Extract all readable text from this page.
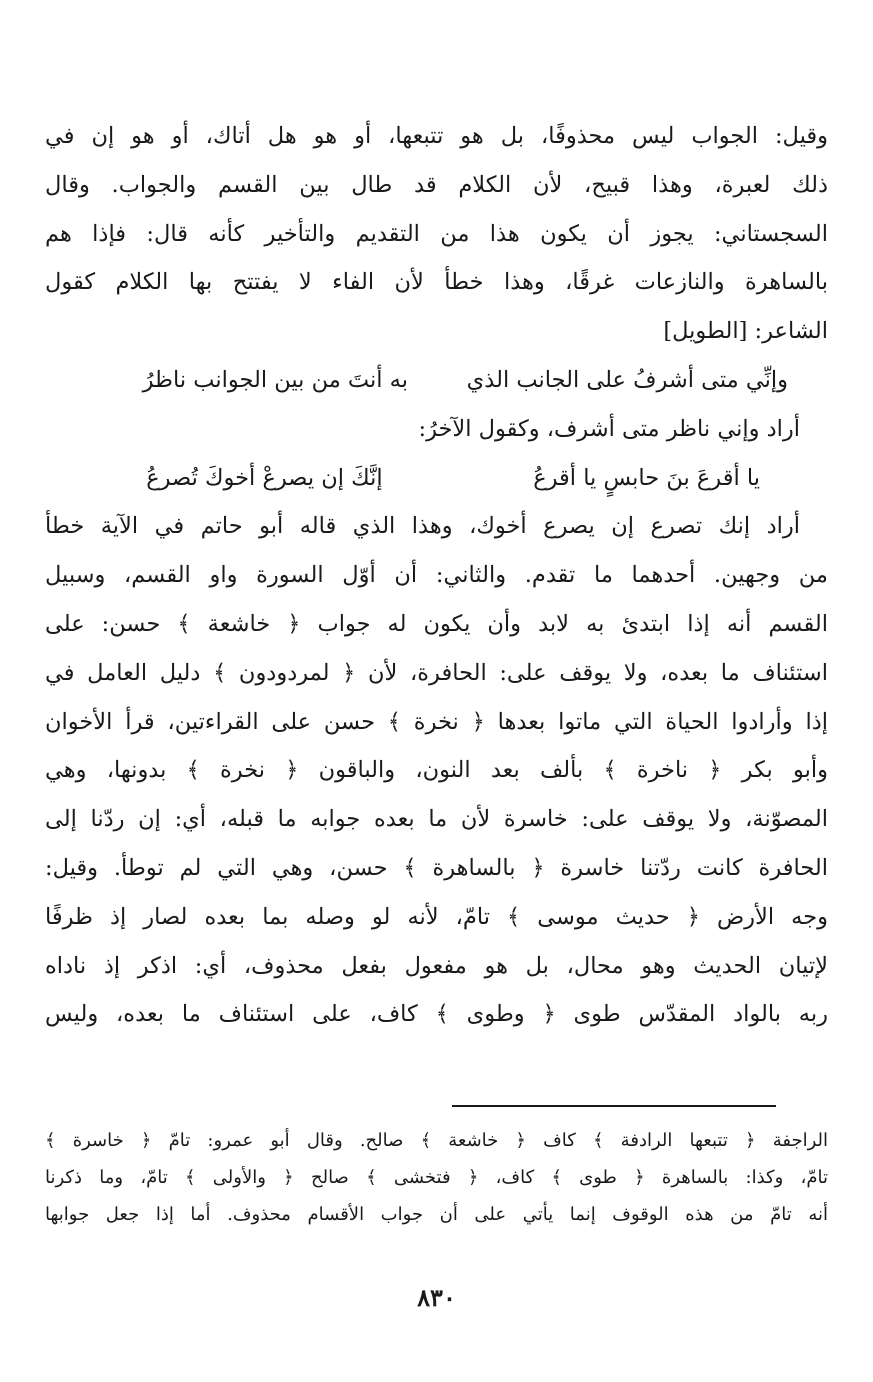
وقيل: الجواب ليس محذوفًا، بل هو تتبعها، أو هو هل أتاك، أو هو إن في
ذلك لعبرة، وهذا قبيح، لأن الكلام قد طال بين القسم والجواب. وقال
السجستاني: يجوز أن يكون هذا من التقديم والتأخير كأنه قال: فإذا هم
بالساهرة والنازعات غرقًا، وهذا خطأ لأن الفاء لا يفتتح بها الكلام كقول
الشاعر: [الطويل]
وإنِّي متى أشرفُ على الجانب الذي
به أنتَ من بين الجوانب ناظرُ
أراد وإني ناظر متى أشرف، وكقول الآخرُ:
يا أقرعَ بنَ حابسٍ يا أقرعُ
إنَّكَ إن يصرعْ أخوكَ تُصرعُ
أراد إنك تصرع إن يصرع أخوك، وهذا الذي قاله أبو حاتم في الآية خطأ
من وجهين. أحدهما ما تقدم. والثاني: أن أوّل السورة واو القسم، وسبيل
القسم أنه إذا ابتدئ به لابد وأن يكون له جواب ﴿ خاشعة ﴾ حسن: على
استئناف ما بعده، ولا يوقف على: الحافرة، لأن ﴿ لمردودون ﴾ دليل العامل في
إذا وأرادوا الحياة التي ماتوا بعدها ﴿ نخرة ﴾ حسن على القراءتين، قرأ الأخوان
وأبو بكر ﴿ ناخرة ﴾ بألف بعد النون، والباقون ﴿ نخرة ﴾ بدونها، وهي
المصوّنة، ولا يوقف على: خاسرة لأن ما بعده جوابه ما قبله، أي: إن ردّنا إلى
الحافرة كانت ردّتنا خاسرة ﴿ بالساهرة ﴾ حسن، وهي التي لم توطأ. وقيل:
وجه الأرض ﴿ حديث موسى ﴾ تامّ، لأنه لو وصله بما بعده لصار إذ ظرفًا
لإتيان الحديث وهو محال، بل هو مفعول بفعل محذوف، أي: اذكر إذ ناداه
ربه بالواد المقدّس طوى ﴿ وطوى ﴾ كاف، على استئناف ما بعده، وليس
الراجفة ﴿ تتبعها الرادفة ﴾ كاف ﴿ خاشعة ﴾ صالح. وقال أبو عمرو: تامّ ﴿ خاسرة ﴾
تامّ، وكذا: بالساهرة ﴿ طوى ﴾ كاف، ﴿ فتخشى ﴾ صالح ﴿ والأولى ﴾ تامّ، وما ذكرنا
أنه تامّ من هذه الوقوف إنما يأتي على أن جواب الأقسام محذوف. أما إذا جعل جوابها
٨٣٠
